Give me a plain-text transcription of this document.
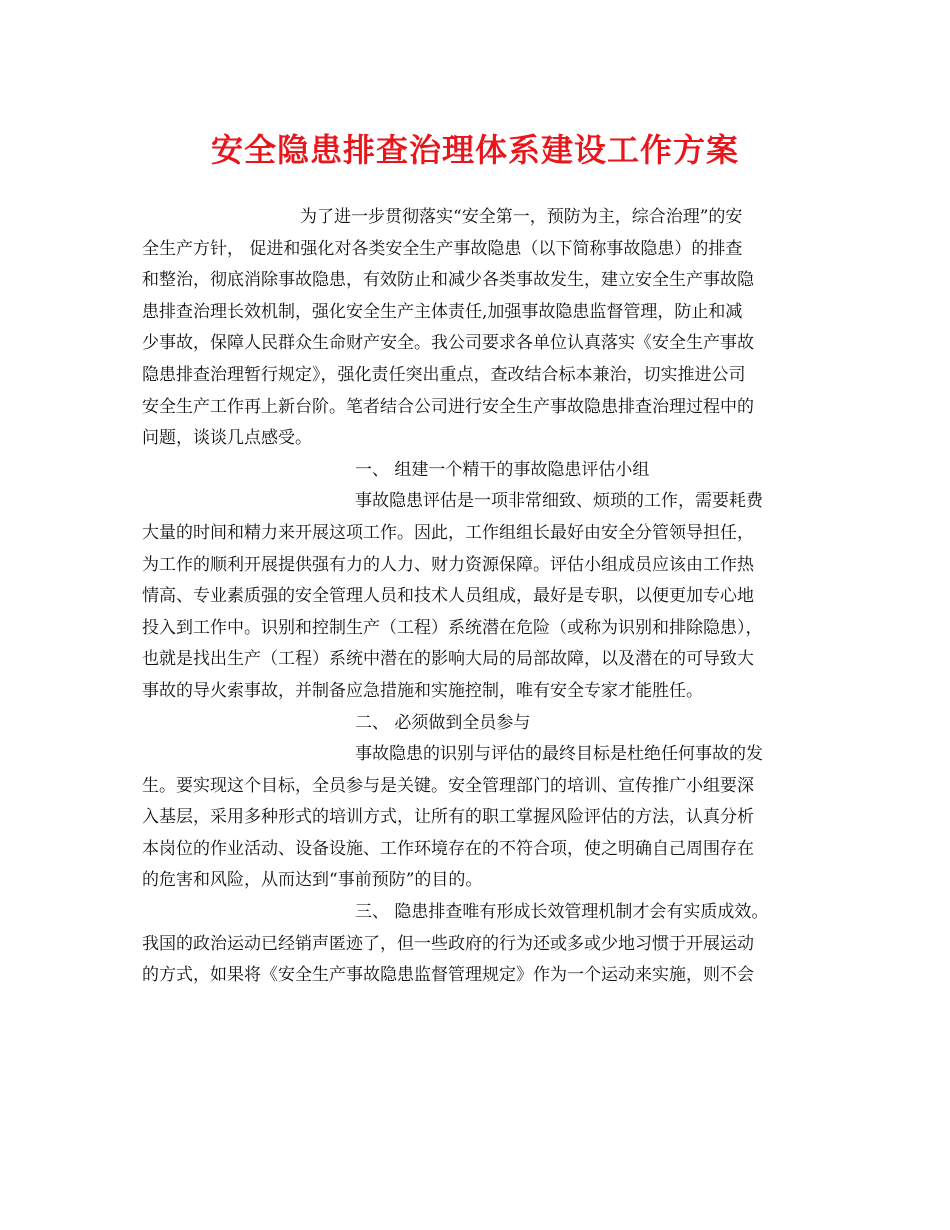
安全隐患排查治理体系建设工作方案
为了进一步贯彻落实“安全第一，预防为主，综合治理”的安
全生产方针， 促进和强化对各类安全生产事故隐患（以下简称事故隐患）的排查
和整治，彻底消除事故隐患，有效防止和减少各类事故发生，建立安全生产事故隐
患排查治理长效机制，强化安全生产主体责任,加强事故隐患监督管理，防止和减
少事故，保障人民群众生命财产安全。我公司要求各单位认真落实《安全生产事故
隐患排查治理暂行规定》，强化责任突出重点，查改结合标本兼治，切实推进公司
安全生产工作再上新台阶。笔者结合公司进行安全生产事故隐患排查治理过程中的
问题，谈谈几点感受。
一、 组建一个精干的事故隐患评估小组
事故隐患评估是一项非常细致、烦琐的工作，需要耗费
大量的时间和精力来开展这项工作。因此，工作组组长最好由安全分管领导担任，
为工作的顺利开展提供强有力的人力、财力资源保障。评估小组成员应该由工作热
情高、专业素质强的安全管理人员和技术人员组成，最好是专职，以便更加专心地
投入到工作中。识别和控制生产（工程）系统潜在危险（或称为识别和排除隐患），
也就是找出生产（工程）系统中潜在的影响大局的局部故障，以及潜在的可导致大
事故的导火索事故，并制备应急措施和实施控制，唯有安全专家才能胜任。
二、 必须做到全员参与
事故隐患的识别与评估的最终目标是杜绝任何事故的发
生。要实现这个目标，全员参与是关键。安全管理部门的培训、宣传推广小组要深
入基层，采用多种形式的培训方式，让所有的职工掌握风险评估的方法，认真分析
本岗位的作业活动、设备设施、工作环境存在的不符合项，使之明确自己周围存在
的危害和风险，从而达到“事前预防”的目的。
三、 隐患排查唯有形成长效管理机制才会有实质成效。
我国的政治运动已经销声匿迹了，但一些政府的行为还或多或少地习惯于开展运动
的方式，如果将《安全生产事故隐患监督管理规定》作为一个运动来实施，则不会
